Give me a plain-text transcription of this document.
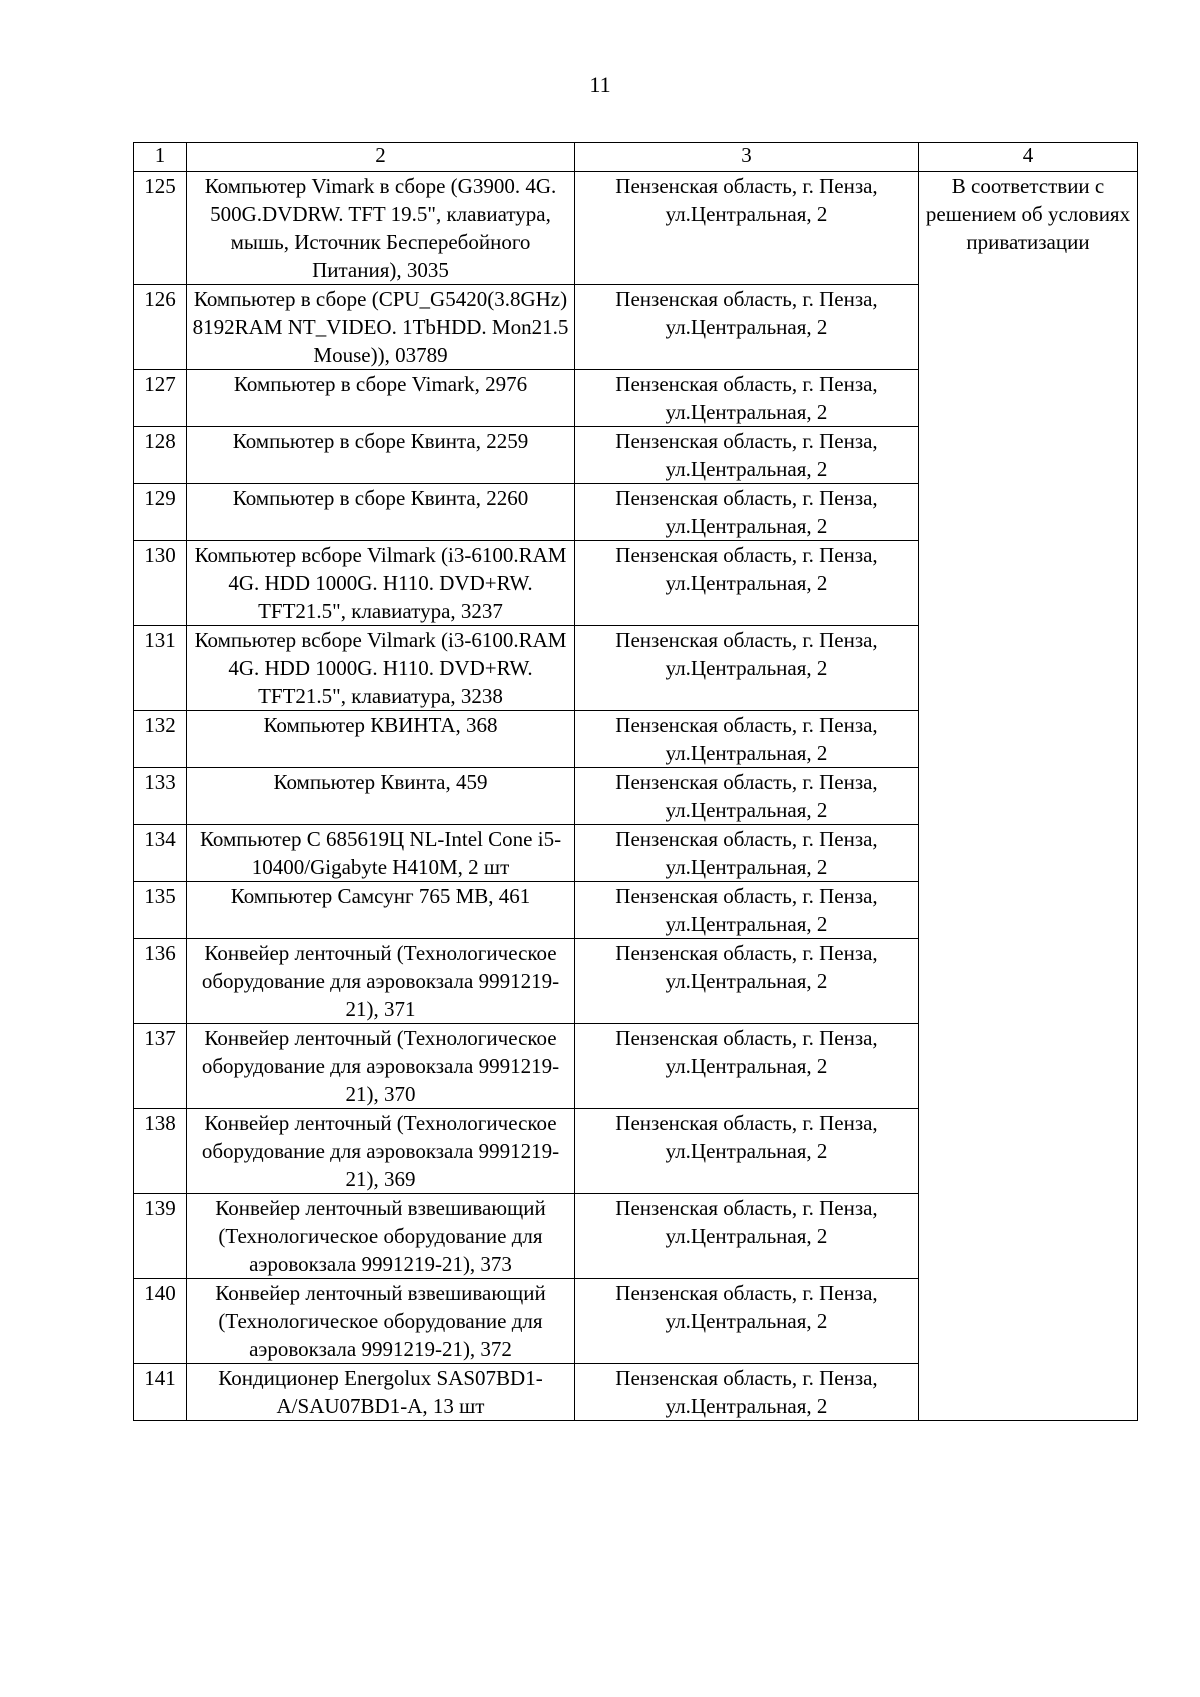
11
1	2	3	4
125	Компьютер Vimark в сборе (G3900. 4G. 500G.DVDRW. TFT 19.5", клавиатура, мышь, Источник Бесперебойного Питания), 3035	Пензенская область, г. Пенза, ул.Центральная, 2	В соответствии с решением об условиях приватизации
126	Компьютер в сборе (CPU_G5420(3.8GHz) 8192RAM NT_VIDEO. 1TbHDD. Mon21.5 Mouse)), 03789	Пензенская область, г. Пенза, ул.Центральная, 2	
127	Компьютер в сборе Vimark, 2976	Пензенская область, г. Пенза, ул.Центральная, 2	
128	Компьютер в сборе Квинта, 2259	Пензенская область, г. Пенза, ул.Центральная, 2	
129	Компьютер в сборе Квинта, 2260	Пензенская область, г. Пенза, ул.Центральная, 2	
130	Компьютер всборе Vilmark (i3-6100.RAM 4G. HDD 1000G. H110. DVD+RW. TFT21.5", клавиатура, 3237	Пензенская область, г. Пенза, ул.Центральная, 2	
131	Компьютер всборе Vilmark (i3-6100.RAM 4G. HDD 1000G. H110. DVD+RW. TFT21.5", клавиатура, 3238	Пензенская область, г. Пенза, ул.Центральная, 2	
132	Компьютер КВИНТА, 368	Пензенская область, г. Пенза, ул.Центральная, 2	
133	Компьютер Квинта, 459	Пензенская область, г. Пенза, ул.Центральная, 2	
134	Компьютер С 685619Ц NL-Intel Cone i5-10400/Gigabyte H410M, 2 шт	Пензенская область, г. Пенза, ул.Центральная, 2	
135	Компьютер Самсунг 765 MB, 461	Пензенская область, г. Пенза, ул.Центральная, 2	
136	Конвейер ленточный (Технологическое оборудование для аэровокзала 9991219-21), 371	Пензенская область, г. Пенза, ул.Центральная, 2	
137	Конвейер ленточный (Технологическое оборудование для аэровокзала 9991219-21), 370	Пензенская область, г. Пенза, ул.Центральная, 2	
138	Конвейер ленточный (Технологическое оборудование для аэровокзала 9991219-21), 369	Пензенская область, г. Пенза, ул.Центральная, 2	
139	Конвейер ленточный взвешивающий (Технологическое оборудование для аэровокзала 9991219-21), 373	Пензенская область, г. Пенза, ул.Центральная, 2	
140	Конвейер ленточный взвешивающий (Технологическое оборудование для аэровокзала 9991219-21), 372	Пензенская область, г. Пенза, ул.Центральная, 2	
141	Кондиционер Energolux SAS07BD1-A/SAU07BD1-A, 13 шт	Пензенская область, г. Пенза, ул.Центральная, 2	
